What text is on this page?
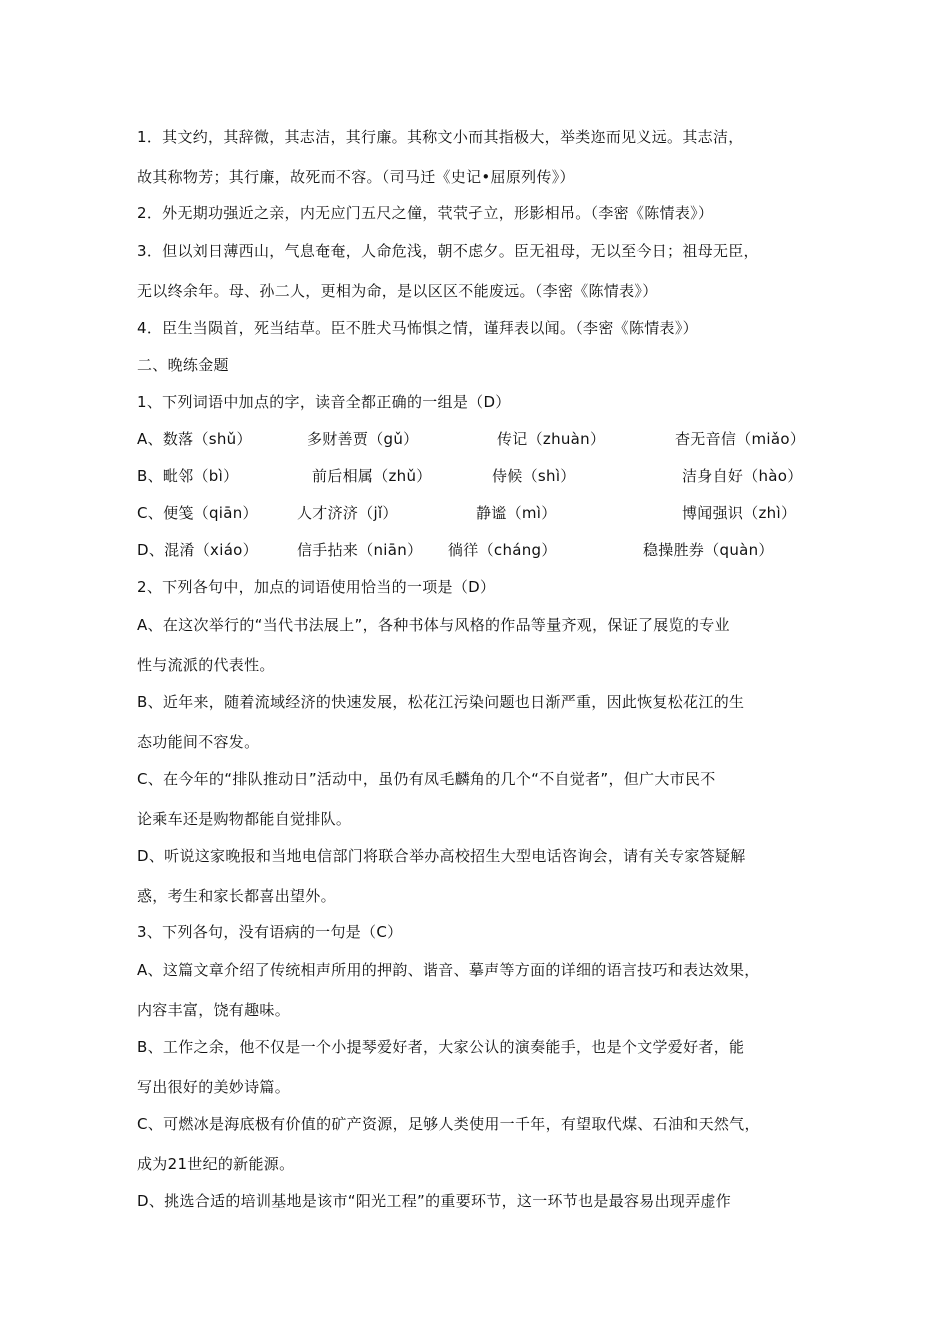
1．其文约，其辞微，其志洁，其行廉。其称文小而其指极大，举类迩而见义远。其志洁，
故其称物芳；其行廉，故死而不容。（司马迁《史记•屈原列传》）
2．外无期功强近之亲，内无应门五尺之僮，茕茕孑立，形影相吊。（李密《陈情表》）
3．但以刘日薄西山，气息奄奄，人命危浅，朝不虑夕。臣无祖母，无以至今日；祖母无臣，
无以终余年。母、孙二人，更相为命，是以区区不能废远。（李密《陈情表》）
4．臣生当陨首，死当结草。臣不胜犬马怖惧之情，谨拜表以闻。（李密《陈情表》）
二、晚练金题
1、下列词语中加点的字，读音全都正确的一组是（D）
A、数落（shǔ）	多财善贾（gǔ）	传记（zhuàn）	杳无音信（miǎo）
B、毗邻（bì）	前后相属（zhǔ）	侍候（shì）	洁身自好（hào）
C、便笺（qiān）	人才济济（jǐ）	静谧（mì）	博闻强识（zhì）
D、混淆（xiáo）	信手拈来（niān） 徜徉（cháng）	稳操胜券（quàn）
2、下列各句中，加点的词语使用恰当的一项是（D）
A、在这次举行的“当代书法展上”，各种书体与风格的作品等量齐观，保证了展览的专业
性与流派的代表性。
B、近年来，随着流域经济的快速发展，松花江污染问题也日渐严重，因此恢复松花江的生
态功能间不容发。
C、在今年的“排队推动日”活动中，虽仍有凤毛麟角的几个“不自觉者”，但广大市民不
论乘车还是购物都能自觉排队。
D、听说这家晚报和当地电信部门将联合举办高校招生大型电话咨询会，请有关专家答疑解
惑，考生和家长都喜出望外。
3、下列各句，没有语病的一句是（C）
A、这篇文章介绍了传统相声所用的押韵、谐音、摹声等方面的详细的语言技巧和表达效果，
内容丰富，饶有趣味。
B、工作之余，他不仅是一个小提琴爱好者，大家公认的演奏能手，也是个文学爱好者，能
写出很好的美妙诗篇。
C、可燃冰是海底极有价值的矿产资源，足够人类使用一千年，有望取代煤、石油和天然气，
成为21世纪的新能源。
D、挑选合适的培训基地是该市“阳光工程”的重要环节，这一环节也是最容易出现弄虚作
